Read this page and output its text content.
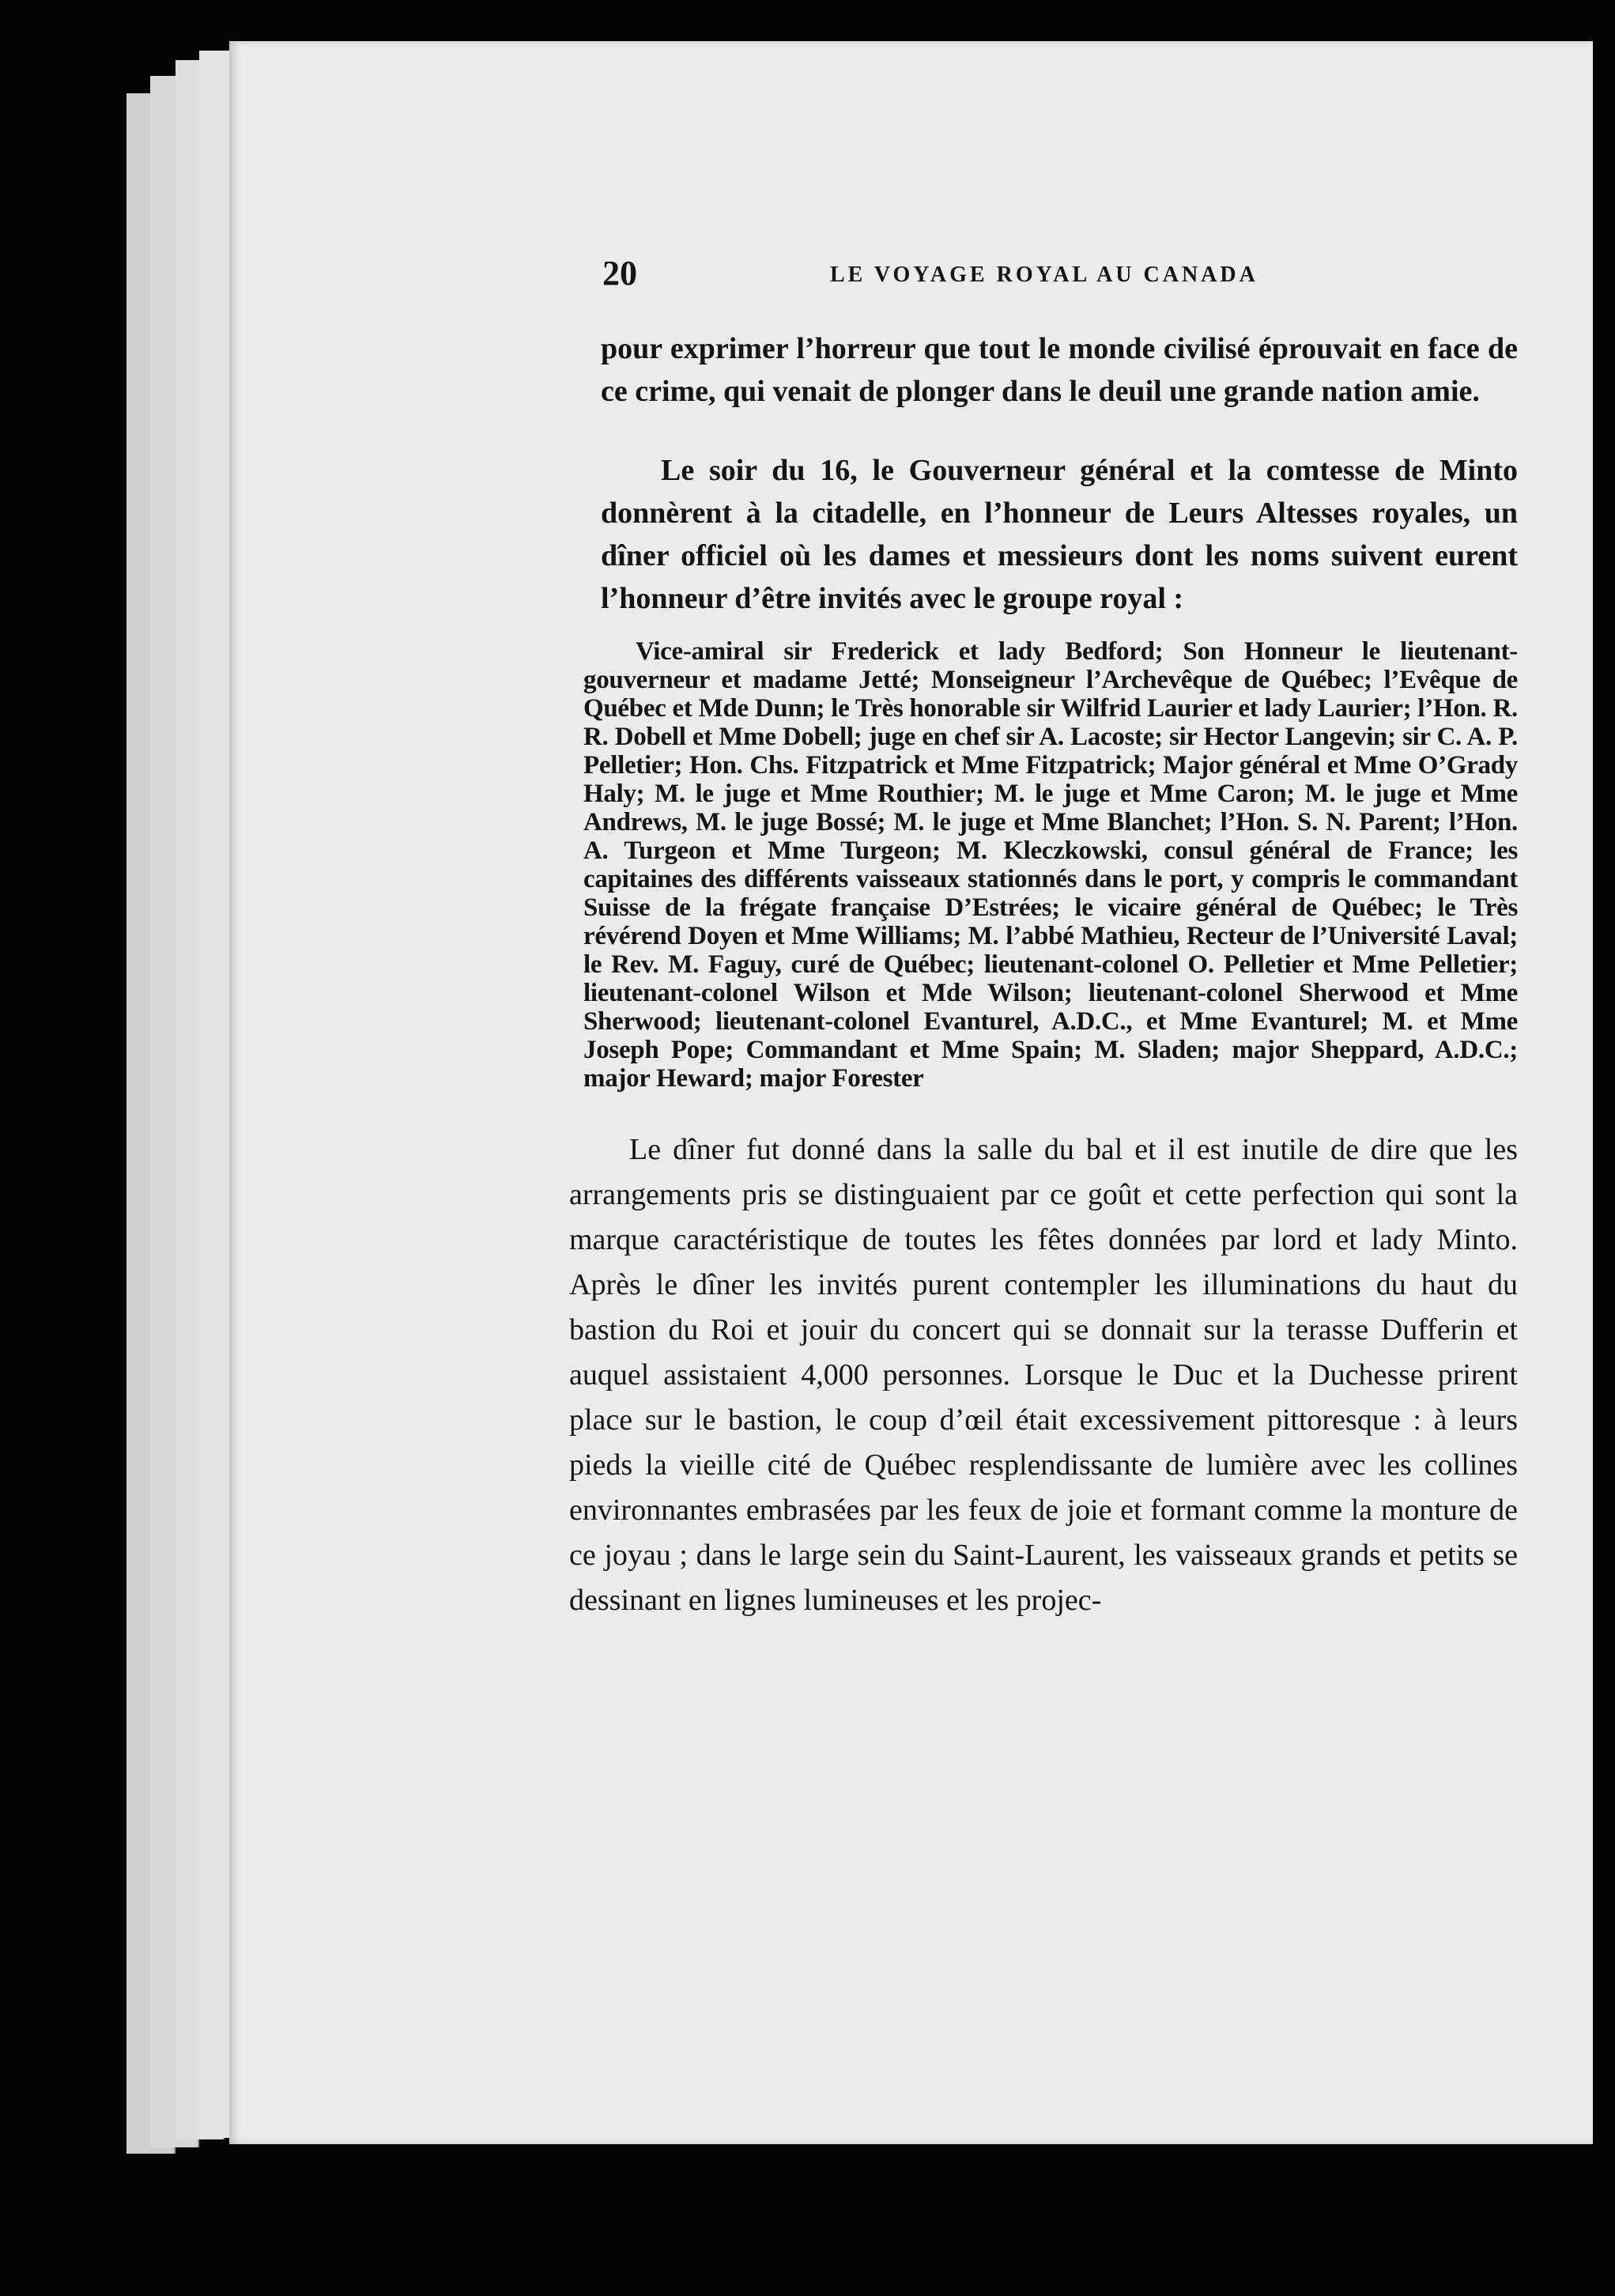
20	LE VOYAGE ROYAL AU CANADA

pour exprimer l’horreur que tout le monde civilisé éprouvait en face de ce crime, qui venait de plonger dans le deuil une grande nation amie.

Le soir du 16, le Gouverneur général et la comtesse de Minto donnèrent à la citadelle, en l’honneur de Leurs Altesses royales, un dîner officiel où les dames et messieurs dont les noms suivent eurent l’honneur d’être invités avec le groupe royal :

Vice-amiral sir Frederick et lady Bedford; Son Honneur le lieutenant-gouverneur et madame Jetté; Monseigneur l’Archevêque de Québec; l’Evêque de Québec et Mde Dunn; le Très honorable sir Wilfrid Laurier et lady Laurier; l’Hon. R. R. Dobell et Mme Dobell; juge en chef sir A. Lacoste; sir Hector Langevin; sir C. A. P. Pelletier; Hon. Chs. Fitzpatrick et Mme Fitzpatrick; Major général et Mme O’Grady Haly; M. le juge et Mme Routhier; M. le juge et Mme Caron; M. le juge et Mme Andrews, M. le juge Bossé; M. le juge et Mme Blanchet; l’Hon. S. N. Parent; l’Hon. A. Turgeon et Mme Turgeon; M. Kleczkowski, consul général de France; les capitaines des différents vaisseaux stationnés dans le port, y compris le commandant Suisse de la frégate française D’Estrées; le vicaire général de Québec; le Très révérend Doyen et Mme Williams; M. l’abbé Mathieu, Recteur de l’Université Laval; le Rev. M. Faguy, curé de Québec; lieutenant-colonel O. Pelletier et Mme Pelletier; lieutenant-colonel Wilson et Mde Wilson; lieutenant-colonel Sherwood et Mme Sherwood; lieutenant-colonel Evanturel, A.D.C., et Mme Evanturel; M. et Mme Joseph Pope; Commandant et Mme Spain; M. Sladen; major Sheppard, A.D.C.; major Heward; major Forester

Le dîner fut donné dans la salle du bal et il est inutile de dire que les arrangements pris se distinguaient par ce goût et cette perfection qui sont la marque caractéristique de toutes les fêtes données par lord et lady Minto. Après le dîner les invités purent contempler les illuminations du haut du bastion du Roi et jouir du concert qui se donnait sur la terasse Dufferin et auquel assistaient 4,000 personnes. Lorsque le Duc et la Duchesse prirent place sur le bastion, le coup d’œil était excessivement pittoresque : à leurs pieds la vieille cité de Québec resplendissante de lumière avec les collines environnantes embrasées par les feux de joie et formant comme la monture de ce joyau ; dans le large sein du Saint-Laurent, les vaisseaux grands et petits se dessinant en lignes lumineuses et les projec-
